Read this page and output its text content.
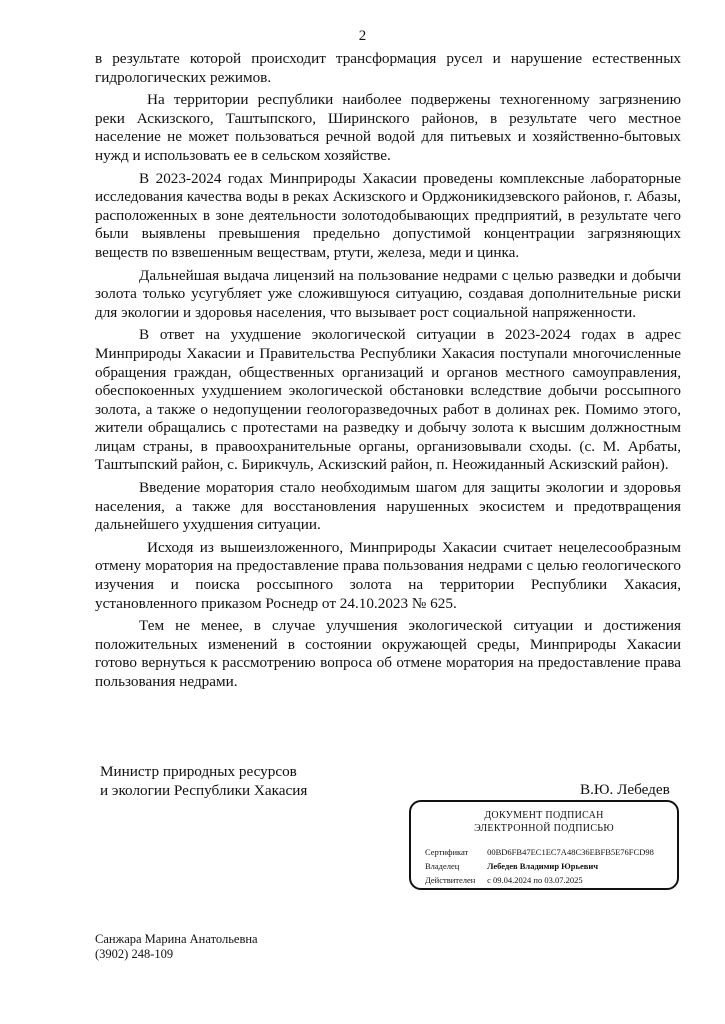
2

в результате которой происходит трансформация русел и нарушение естественных гидрологических режимов.

На территории республики наиболее подвержены техногенному загрязнению реки Аскизского, Таштыпского, Ширинского районов, в результате чего местное население не может пользоваться речной водой для питьевых и хозяйственно-бытовых нужд и использовать ее в сельском хозяйстве.

В 2023-2024 годах Минприроды Хакасии проведены комплексные лабораторные исследования качества воды в реках Аскизского и Орджоникидзевского районов, г. Абазы, расположенных в зоне деятельности золотодобывающих предприятий, в результате чего были выявлены превышения предельно допустимой концентрации загрязняющих веществ по взвешенным веществам, ртути, железа, меди и цинка.

Дальнейшая выдача лицензий на пользование недрами с целью разведки и добычи золота только усугубляет уже сложившуюся ситуацию, создавая дополнительные риски для экологии и здоровья населения, что вызывает рост социальной напряженности.

В ответ на ухудшение экологической ситуации в 2023-2024 годах в адрес Минприроды Хакасии и Правительства Республики Хакасия поступали многочисленные обращения граждан, общественных организаций и органов местного самоуправления, обеспокоенных ухудшением экологической обстановки вследствие добычи россыпного золота, а также о недопущении геологоразведочных работ в долинах рек. Помимо этого, жители обращались с протестами на разведку и добычу золота к высшим должностным лицам страны, в правоохранительные органы, организовывали сходы. (с. М. Арбаты, Таштыпский район, с. Бирикчуль, Аскизский район, п. Неожиданный Аскизский район).

Введение моратория стало необходимым шагом для защиты экологии и здоровья населения, а также для восстановления нарушенных экосистем и предотвращения дальнейшего ухудшения ситуации.

Исходя из вышеизложенного, Минприроды Хакасии считает нецелесообразным отмену моратория на предоставление права пользования недрами с целью геологического изучения и поиска россыпного золота на территории Республики Хакасия, установленного приказом Роснедр от 24.10.2023 № 625.

Тем не менее, в случае улучшения экологической ситуации и достижения положительных изменений в состоянии окружающей среды, Минприроды Хакасии готово вернуться к рассмотрению вопроса об отмене моратория на предоставление права пользования недрами.

Министр природных ресурсов
и экологии Республики Хакасия	В.Ю. Лебедев
ДОКУМЕНТ ПОДПИСАН
ЭЛЕКТРОННОЙ ПОДПИСЬЮ
Сертификат 00BD6FB47EC1EC7A48C36EBFB5E76FCD98
Владелец	Лебедев Владимир Юрьевич
Действителен с 09.04.2024 по 03.07.2025
Санжара Марина Анатольевна
(3902) 248-109
